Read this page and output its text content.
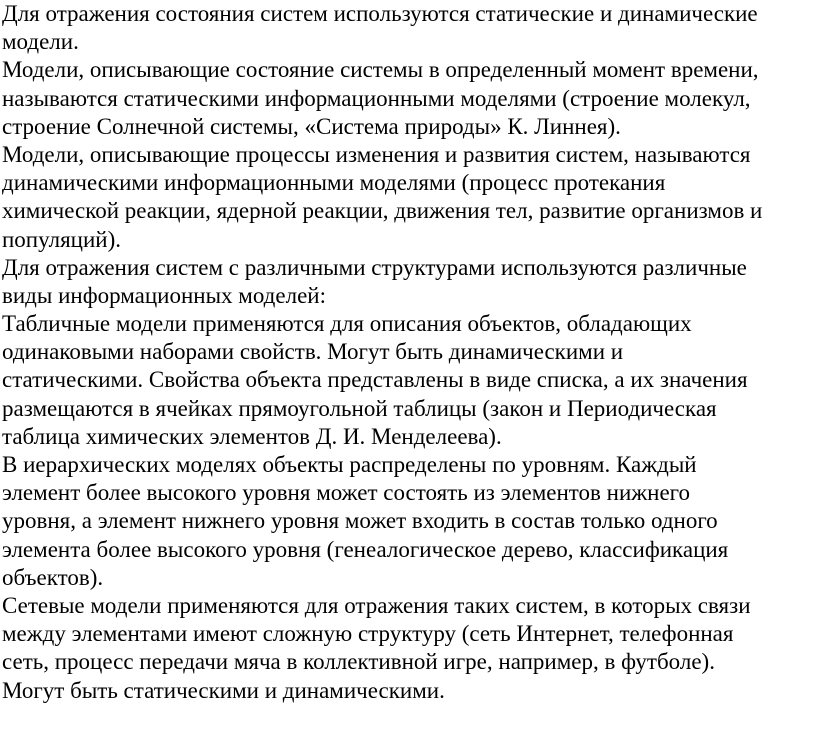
Для отражения состояния систем используются статические и динамические
модели.
Модели, описывающие состояние системы в определенный момент времени,
называются статическими информационными моделями (строение молекул,
строение Солнечной системы, «Система природы» К. Линнея).
Модели, описывающие процессы изменения и развития систем, называются
динамическими информационными моделями (процесс протекания
химической реакции, ядерной реакции, движения тел, развитие организмов и
популяций).
Для отражения систем с различными структурами используются различные
виды информационных моделей:
Табличные модели применяются для описания объектов, обладающих
одинаковыми наборами свойств. Могут быть динамическими и
статическими. Свойства объекта представлены в виде списка, а их значения
размещаются в ячейках прямоугольной таблицы (закон и Периодическая
таблица химических элементов Д. И. Менделеева).
В иерархических моделях объекты распределены по уровням. Каждый
элемент более высокого уровня может состоять из элементов нижнего
уровня, а элемент нижнего уровня может входить в состав только одного
элемента более высокого уровня (генеалогическое дерево, классификация
объектов).
Сетевые модели применяются для отражения таких систем, в которых связи
между элементами имеют сложную структуру (сеть Интернет, телефонная
сеть, процесс передачи мяча в коллективной игре, например, в футболе).
Могут быть статическими и динамическими.
